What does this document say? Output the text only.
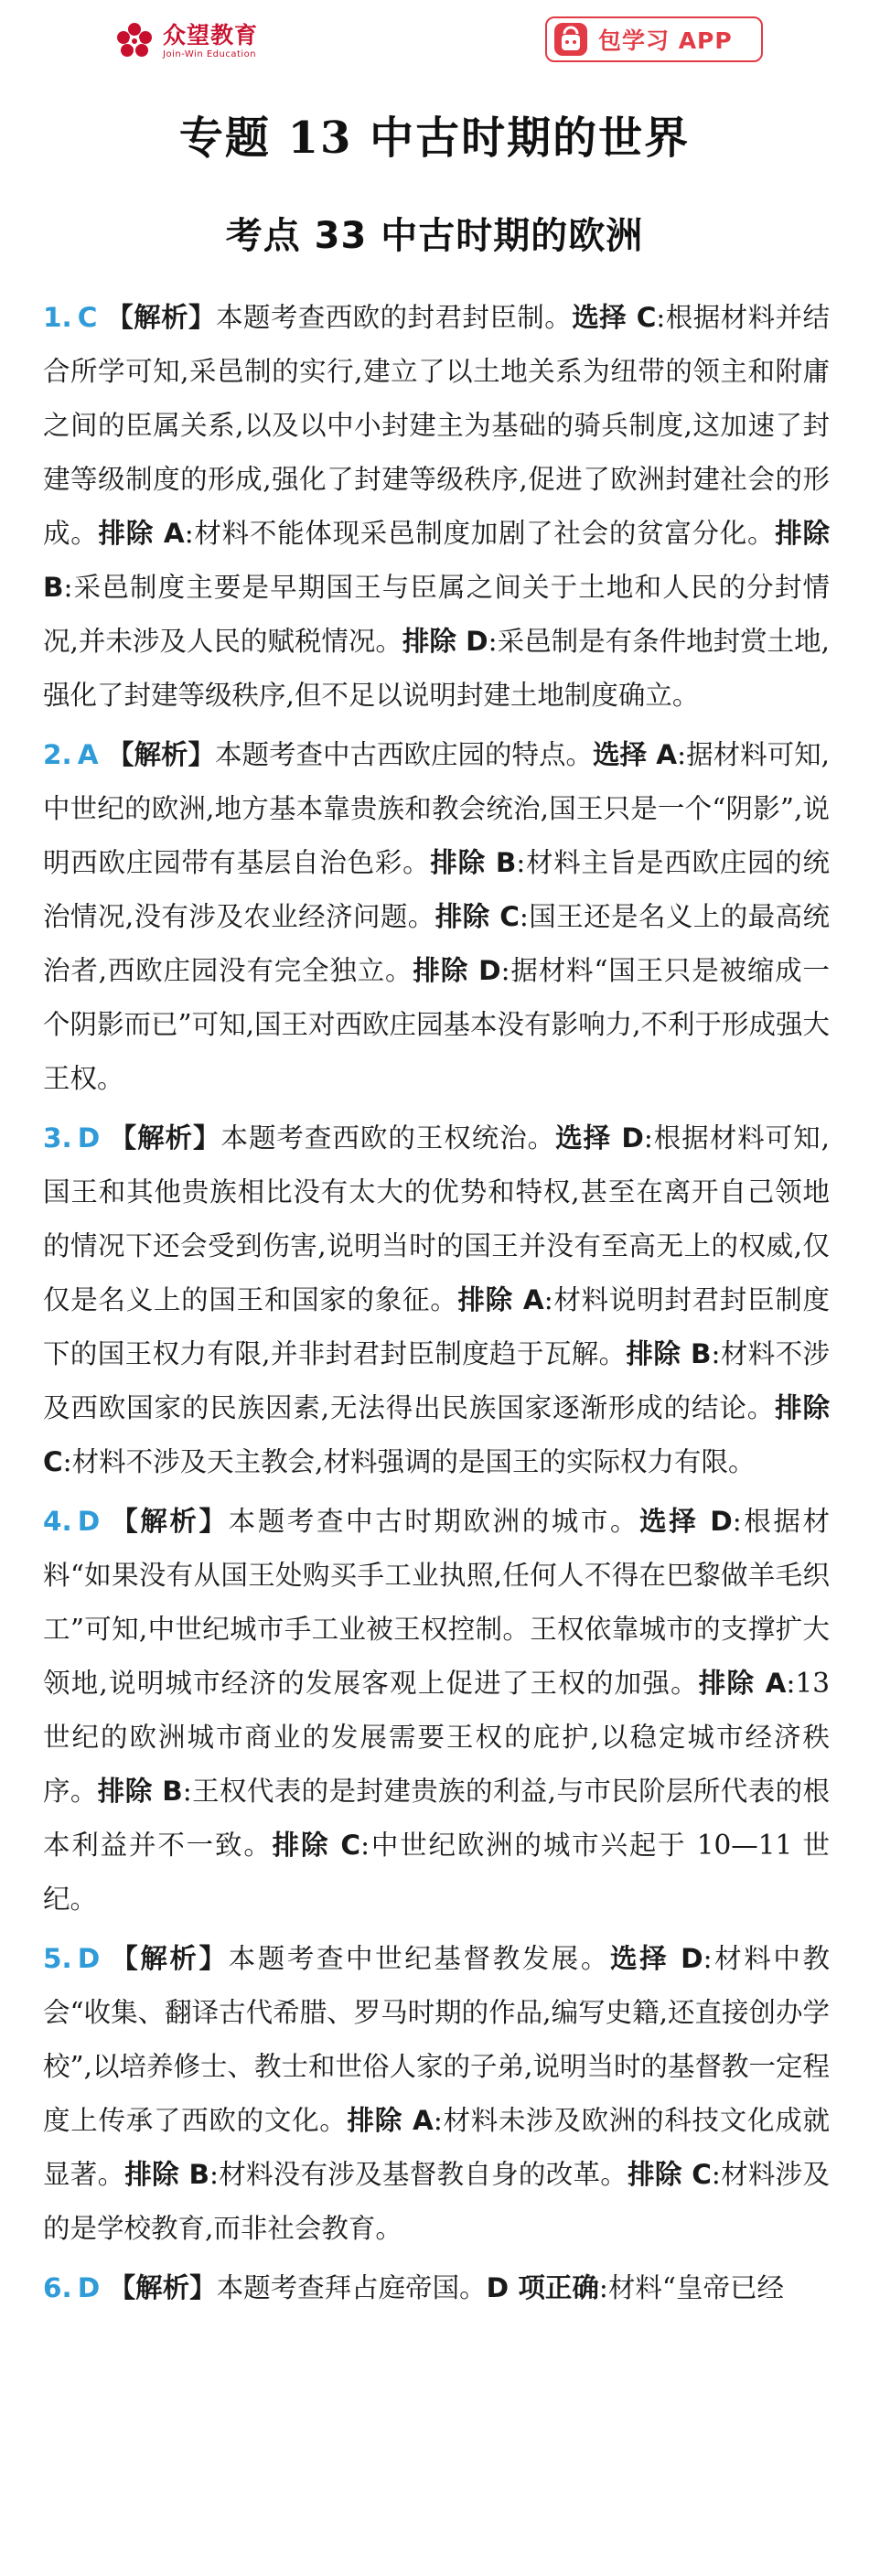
众望教育
Join-Win Education	包学习 APP
专题 13 中古时期的世界
考点 33 中古时期的欧洲

1. C 【解析】本题考查西欧的封君封臣制。选择 C:根据材料并结合所学可知,采邑制的实行,建立了以土地关系为纽带的领主和附庸之间的臣属关系,以及以中小封建主为基础的骑兵制度,这加速了封建等级制度的形成,强化了封建等级秩序,促进了欧洲封建社会的形成。排除 A:材料不能体现采邑制度加剧了社会的贫富分化。排除 B:采邑制度主要是早期国王与臣属之间关于土地和人民的分封情况,并未涉及人民的赋税情况。排除 D:采邑制是有条件地封赏土地,强化了封建等级秩序,但不足以说明封建土地制度确立。

2. A 【解析】本题考查中古西欧庄园的特点。选择 A:据材料可知,中世纪的欧洲,地方基本靠贵族和教会统治,国王只是一个“阴影”,说明西欧庄园带有基层自治色彩。排除 B:材料主旨是西欧庄园的统治情况,没有涉及农业经济问题。排除 C:国王还是名义上的最高统治者,西欧庄园没有完全独立。排除 D:据材料“国王只是被缩成一个阴影而已”可知,国王对西欧庄园基本没有影响力,不利于形成强大王权。

3. D 【解析】本题考查西欧的王权统治。选择 D:根据材料可知,国王和其他贵族相比没有太大的优势和特权,甚至在离开自己领地的情况下还会受到伤害,说明当时的国王并没有至高无上的权威,仅仅是名义上的国王和国家的象征。排除 A:材料说明封君封臣制度下的国王权力有限,并非封君封臣制度趋于瓦解。排除 B:材料不涉及西欧国家的民族因素,无法得出民族国家逐渐形成的结论。排除 C:材料不涉及天主教会,材料强调的是国王的实际权力有限。

4. D 【解析】本题考查中古时期欧洲的城市。选择 D:根据材料“如果没有从国王处购买手工业执照,任何人不得在巴黎做羊毛织工”可知,中世纪城市手工业被王权控制。王权依靠城市的支撑扩大领地,说明城市经济的发展客观上促进了王权的加强。排除 A:13 世纪的欧洲城市商业的发展需要王权的庇护,以稳定城市经济秩序。排除 B:王权代表的是封建贵族的利益,与市民阶层所代表的根本利益并不一致。排除 C:中世纪欧洲的城市兴起于 10—11 世纪。

5. D 【解析】本题考查中世纪基督教发展。选择 D:材料中教会“收集、翻译古代希腊、罗马时期的作品,编写史籍,还直接创办学校”,以培养修士、教士和世俗人家的子弟,说明当时的基督教一定程度上传承了西欧的文化。排除 A:材料未涉及欧洲的科技文化成就显著。排除 B:材料没有涉及基督教自身的改革。排除 C:材料涉及的是学校教育,而非社会教育。

6. D 【解析】本题考查拜占庭帝国。D 项正确:材料“皇帝已经
